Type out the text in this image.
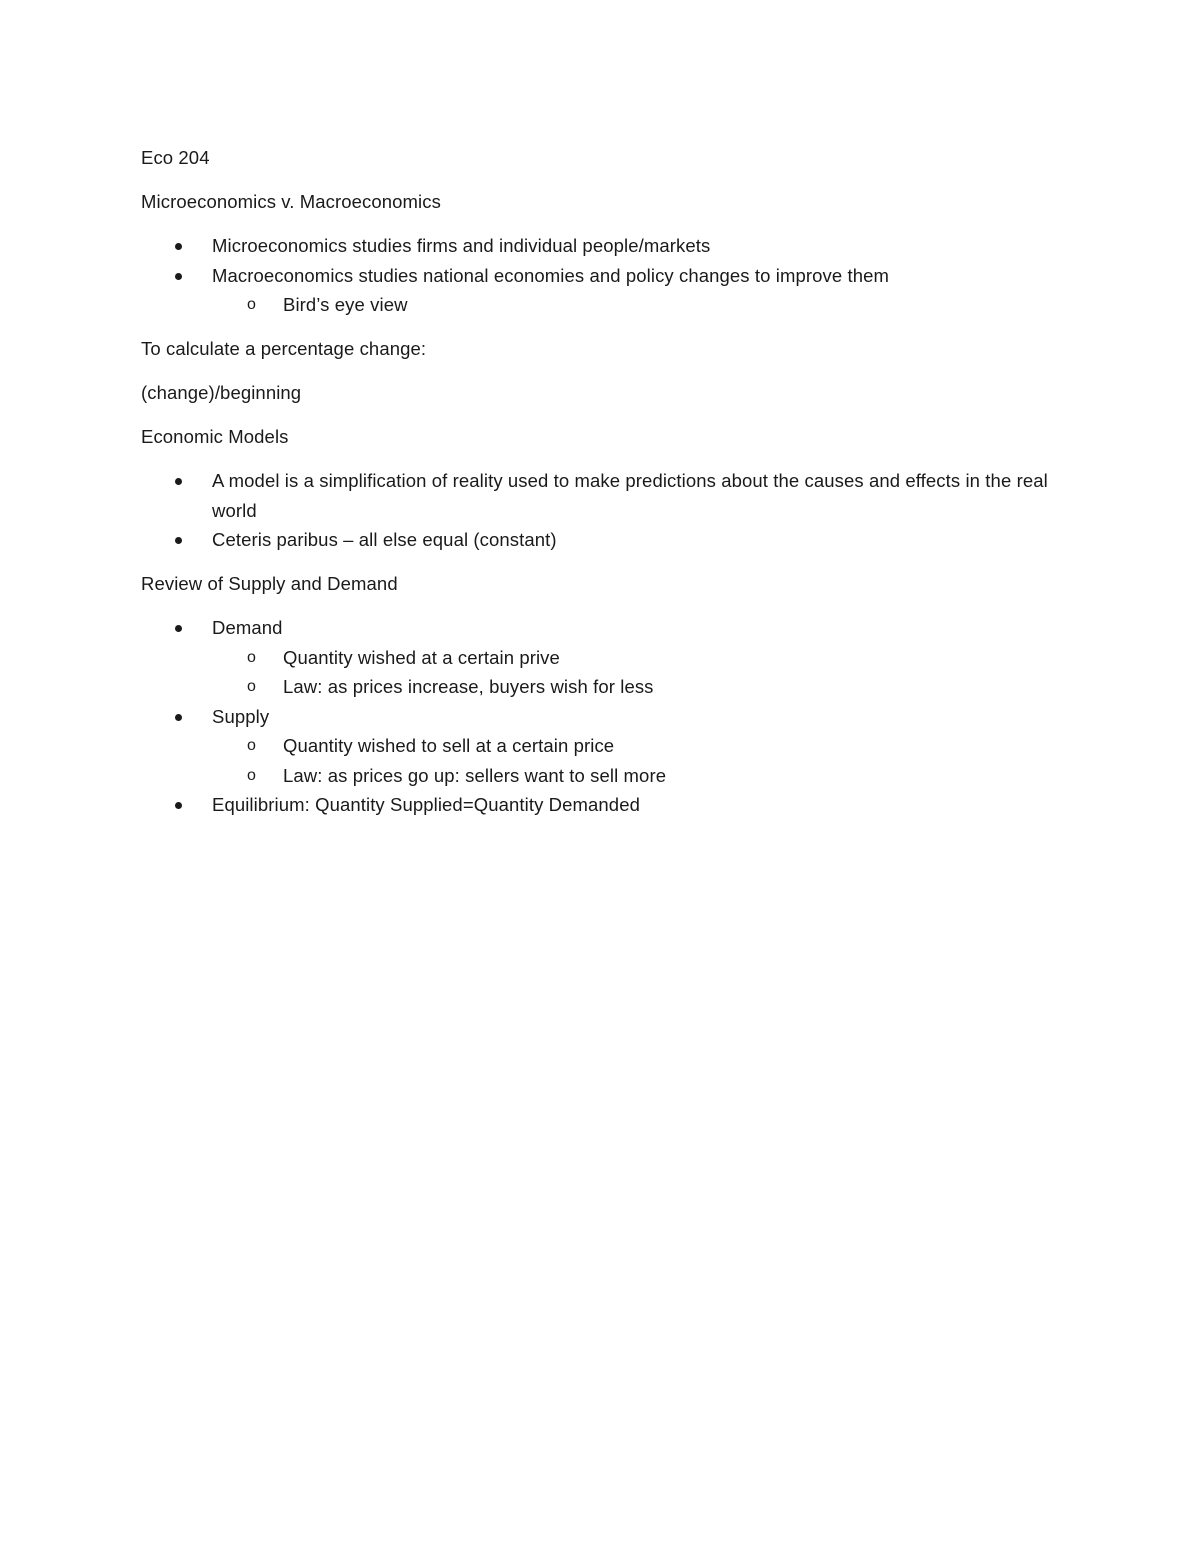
Eco 204

Microeconomics v. Macroeconomics

Microeconomics studies firms and individual people/markets
Macroeconomics studies national economies and policy changes to improve them
o Bird’s eye view

To calculate a percentage change:

(change)/beginning

Economic Models

A model is a simplification of reality used to make predictions about the causes and effects in the real world
Ceteris paribus – all else equal (constant)

Review of Supply and Demand

Demand
o Quantity wished at a certain prive
o Law: as prices increase, buyers wish for less
Supply
o Quantity wished to sell at a certain price
o Law: as prices go up: sellers want to sell more
Equilibrium: Quantity Supplied=Quantity Demanded
